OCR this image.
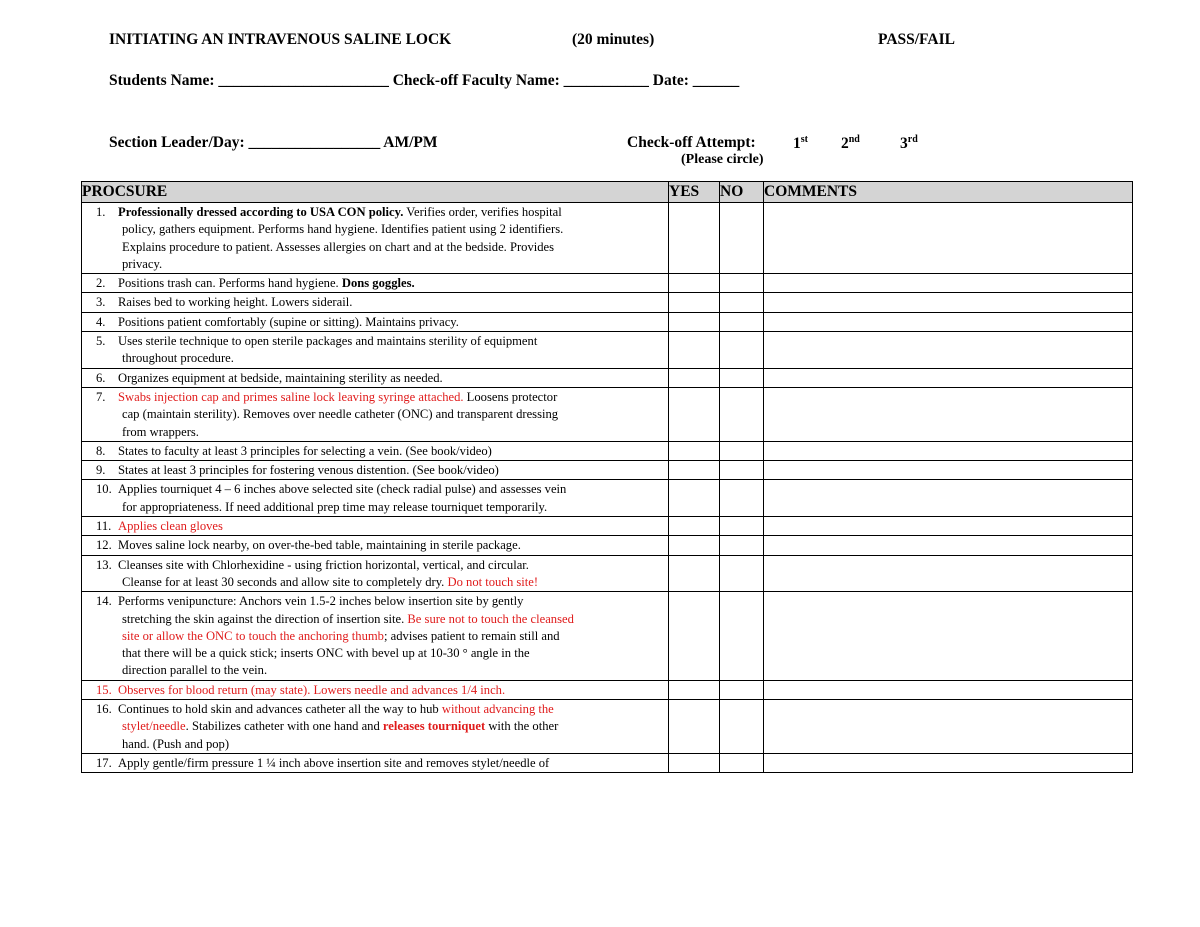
INITIATING AN INTRAVENOUS SALINE LOCK	(20 minutes)	PASS/FAIL
Students Name: ______________________ Check-off Faculty Name: ___________ Date: ______
Section Leader/Day: _________________ AM/PM	Check-off Attempt: 1st 2nd	3rd
(Please circle)
PROCSURE	YES	NO	COMMENTS
1. Professionally dressed according to USA CON policy. Verifies order, verifies hospital

policy, gathers equipment. Performs hand hygiene. Identifies patient using 2 identifiers.
Explains procedure to patient. Assesses allergies on chart and at the bedside. Provides
privacy.			

2. Positions trash can. Performs hand hygiene. Dons goggles.			
3. Raises bed to working height. Lowers siderail.			
4. Positions patient comfortably (supine or sitting). Maintains privacy.			
5. Uses sterile technique to open sterile packages and maintains sterility of equipment
throughout procedure.			

6. Organizes equipment at bedside, maintaining sterility as needed.			
7. Swabs injection cap and primes saline lock leaving syringe attached. Loosens protector
cap (maintain sterility). Removes over needle catheter (ONC) and transparent dressing
from wrappers.			

8. States to faculty at least 3 principles for selecting a vein. (See book/video)			
9. States at least 3 principles for fostering venous distention. (See book/video)			
10. Applies tourniquet 4 – 6 inches above selected site (check radial pulse) and assesses vein
for appropriateness. If need additional prep time may release tourniquet temporarily.			

11. Applies clean gloves			
12. Moves saline lock nearby, on over-the-bed table, maintaining in sterile package.			
13. Cleanses site with Chlorhexidine - using friction horizontal, vertical, and circular.
Cleanse for at least 30 seconds and allow site to completely dry. Do not touch site!			

14. Performs venipuncture: Anchors vein 1.5-2 inches below insertion site by gently
stretching the skin against the direction of insertion site. Be sure not to touch the cleansed
site or allow the ONC to touch the anchoring thumb; advises patient to remain still and
that there will be a quick stick; inserts ONC with bevel up at 10-30 ° angle in the
direction parallel to the vein.			

15. Observes for blood return (may state). Lowers needle and advances 1/4 inch.			
16. Continues to hold skin and advances catheter all the way to hub without advancing the
stylet/needle. Stabilizes catheter with one hand and releases tourniquet with the other
hand. (Push and pop)			

17. Apply gentle/firm pressure 1 ¼ inch above insertion site and removes stylet/needle of			
